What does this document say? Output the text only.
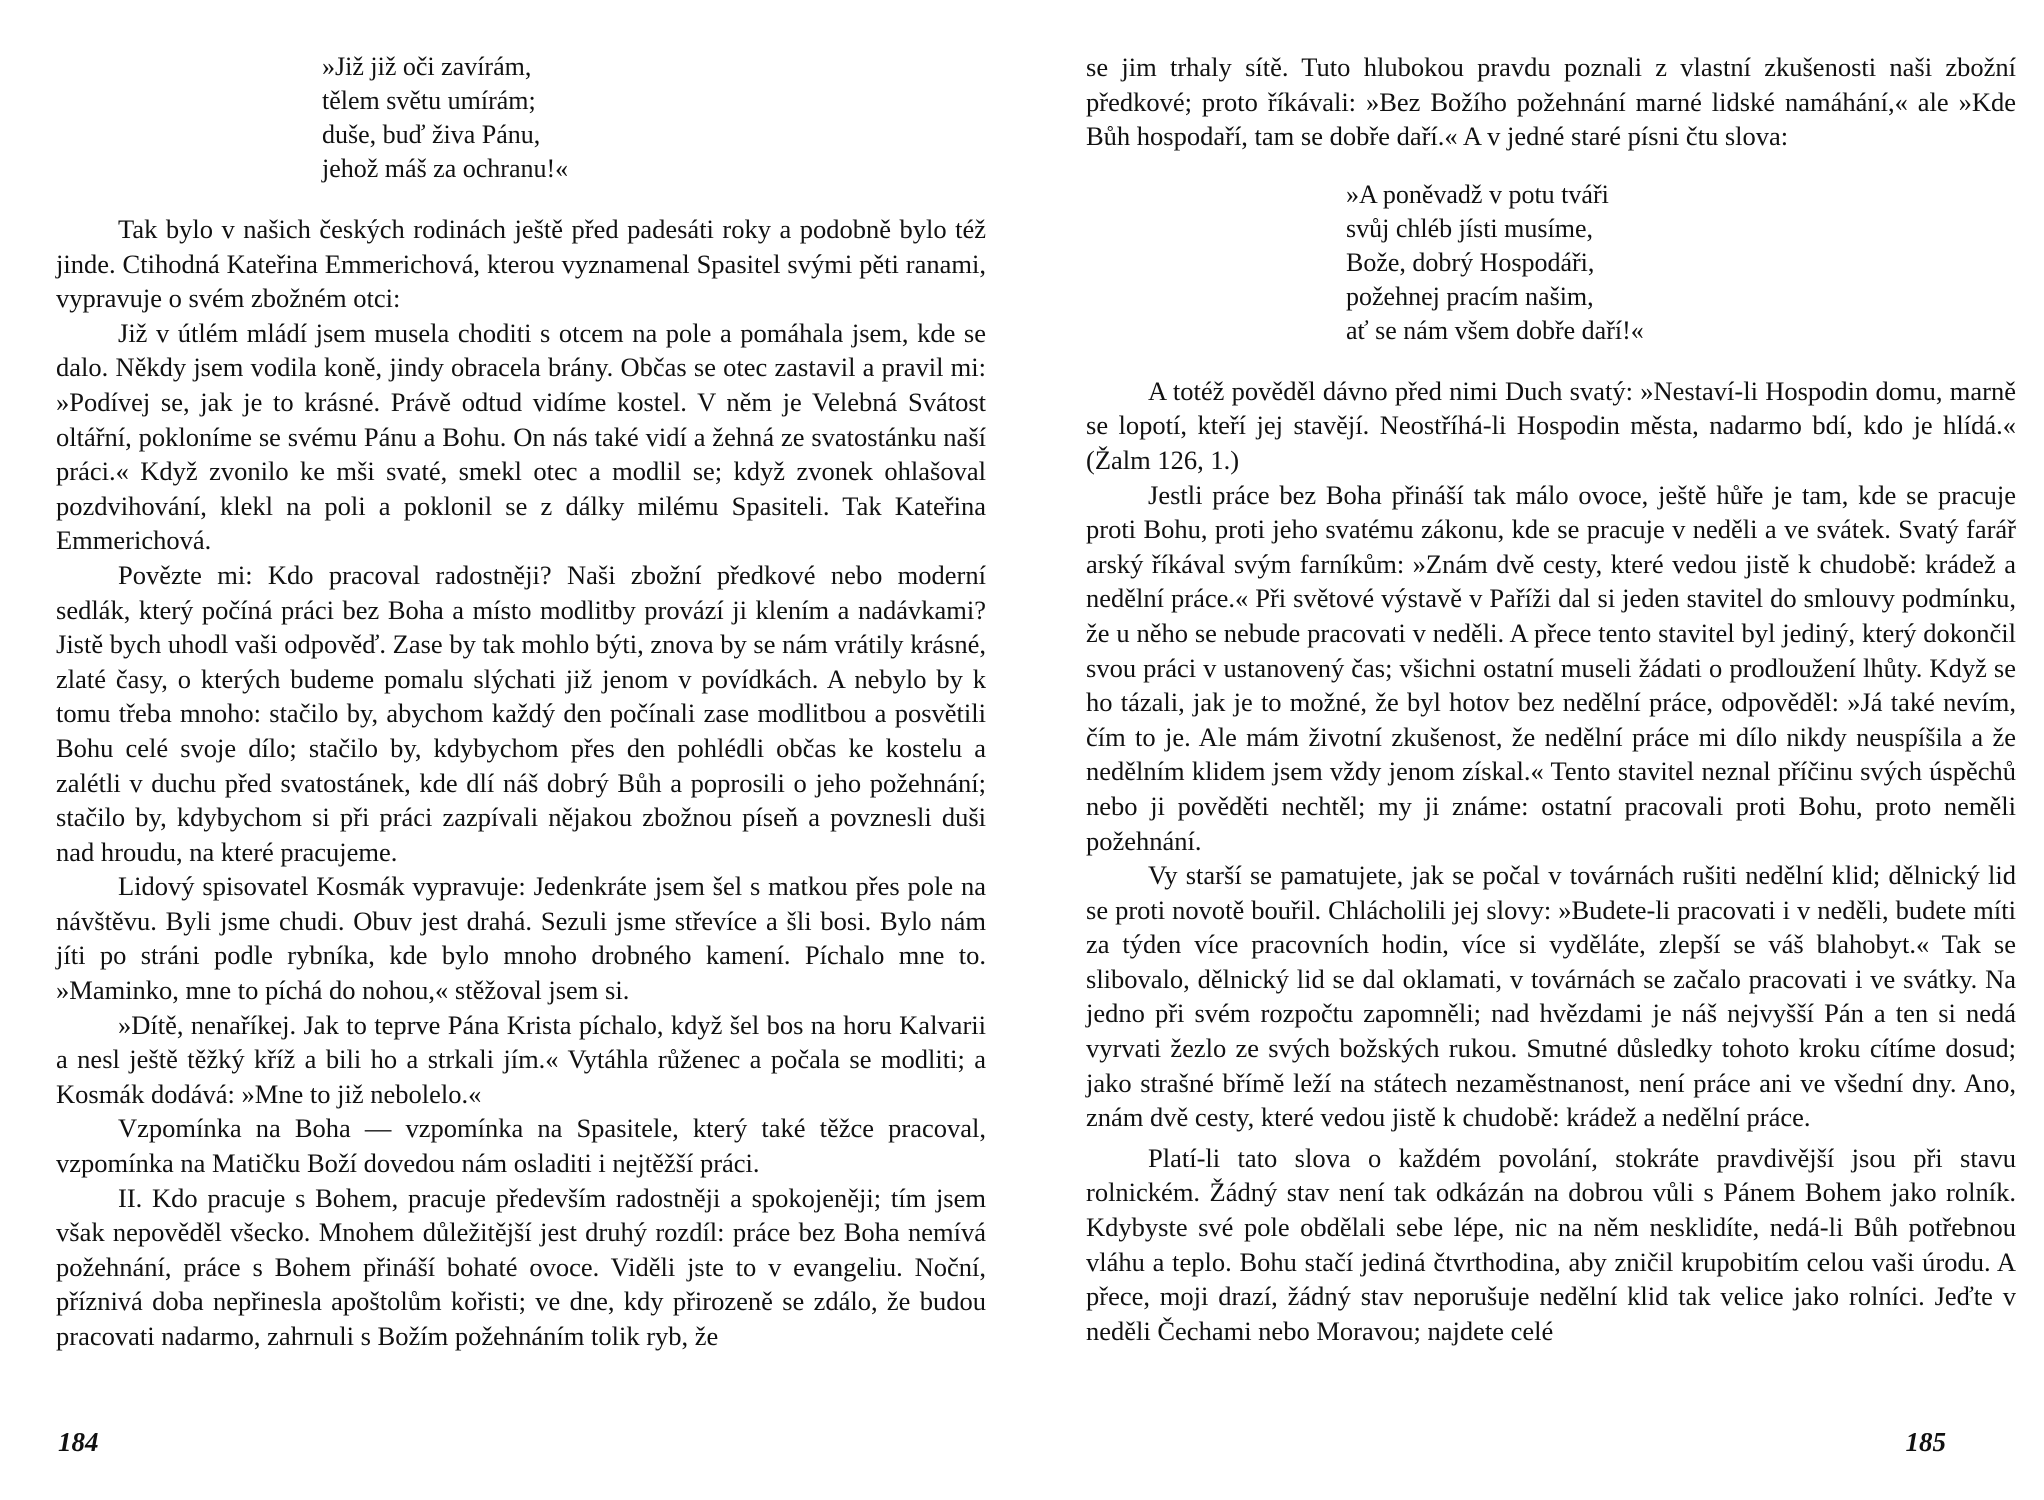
»Již již oči zavírám,
tělem světu umírám;
duše, buď živa Pánu,
jehož máš za ochranu!«

Tak bylo v našich českých rodinách ještě před padesáti roky a podobně bylo též jinde. Ctihodná Kateřina Emmerichová, kterou vyznamenal Spasitel svými pěti ranami, vypravuje o svém zbožném otci:

Již v útlém mládí jsem musela choditi s otcem na pole a pomáhala jsem, kde se dalo. Někdy jsem vodila koně, jindy obracela brány. Občas se otec zastavil a pravil mi: »Podívej se, jak je to krásné. Právě odtud vidíme kostel. V něm je Velebná Svátost oltářní, pokloníme se svému Pánu a Bohu. On nás také vidí a žehná ze svatostánku naší práci.« Když zvonilo ke mši svaté, smekl otec a modlil se; když zvonek ohlašoval pozdvihování, klekl na poli a poklonil se z dálky milému Spasiteli. Tak Kateřina Emmerichová.

Povězte mi: Kdo pracoval radostněji? Naši zbožní předkové nebo moderní sedlák, který počíná práci bez Boha a místo modlitby provází ji klením a nadávkami? Jistě bych uhodl vaši odpověď. Zase by tak mohlo býti, znova by se nám vrátily krásné, zlaté časy, o kterých budeme pomalu slýchati již jenom v povídkách. A nebylo by k tomu třeba mnoho: stačilo by, abychom každý den počínali zase modlitbou a posvětili Bohu celé svoje dílo; stačilo by, kdybychom přes den pohlédli občas ke kostelu a zalétli v duchu před svatostánek, kde dlí náš dobrý Bůh a poprosili o jeho požehnání; stačilo by, kdybychom si při práci zazpívali nějakou zbožnou píseň a povznesli duši nad hroudu, na které pracujeme.

Lidový spisovatel Kosmák vypravuje: Jedenkráte jsem šel s matkou přes pole na návštěvu. Byli jsme chudi. Obuv jest drahá. Sezuli jsme střevíce a šli bosi. Bylo nám jíti po stráni podle rybníka, kde bylo mnoho drobného kamení. Píchalo mne to. »Maminko, mne to píchá do nohou,« stěžoval jsem si.

»Dítě, nenaříkej. Jak to teprve Pána Krista píchalo, když šel bos na horu Kalvarii a nesl ještě těžký kříž a bili ho a strkali jím.« Vytáhla růženec a počala se modliti; a Kosmák dodává: »Mne to již nebolelo.«

Vzpomínka na Boha — vzpomínka na Spasitele, který také těžce pracoval, vzpomínka na Matičku Boží dovedou nám osladiti i nejtěžší práci.

II. Kdo pracuje s Bohem, pracuje především radostněji a spokojeněji; tím jsem však nepověděl všecko. Mnohem důležitější jest druhý rozdíl: práce bez Boha nemívá požehnání, práce s Bohem přináší bohaté ovoce. Viděli jste to v evangeliu. Noční, příznivá doba nepřinesla apoštolům kořisti; ve dne, kdy přirozeně se zdálo, že budou pracovati nadarmo, zahrnuli s Božím požehnáním tolik ryb, že

184

se jim trhaly sítě. Tuto hlubokou pravdu poznali z vlastní zkušenosti naši zbožní předkové; proto říkávali: »Bez Božího požehnání marné lidské namáhání,« ale »Kde Bůh hospodaří, tam se dobře daří.« A v jedné staré písni čtu slova:

»A poněvadž v potu tváři
svůj chléb jísti musíme,
Bože, dobrý Hospodáři,
požehnej pracím našim,
ať se nám všem dobře daří!«

A totéž pověděl dávno před nimi Duch svatý: »Nestaví-li Hospodin domu, marně se lopotí, kteří jej stavějí. Neostříhá-li Hospodin města, nadarmo bdí, kdo je hlídá.« (Žalm 126, 1.)

Jestli práce bez Boha přináší tak málo ovoce, ještě hůře je tam, kde se pracuje proti Bohu, proti jeho svatému zákonu, kde se pracuje v neděli a ve svátek. Svatý farář arský říkával svým farníkům: »Znám dvě cesty, které vedou jistě k chudobě: krádež a nedělní práce.« Při světové výstavě v Paříži dal si jeden stavitel do smlouvy podmínku, že u něho se nebude pracovati v neděli. A přece tento stavitel byl jediný, který dokončil svou práci v ustanovený čas; všichni ostatní museli žádati o prodloužení lhůty. Když se ho tázali, jak je to možné, že byl hotov bez nedělní práce, odpověděl: »Já také nevím, čím to je. Ale mám životní zkušenost, že nedělní práce mi dílo nikdy neuspíšila a že nedělním klidem jsem vždy jenom získal.« Tento stavitel neznal příčinu svých úspěchů nebo ji pověděti nechtěl; my ji známe: ostatní pracovali proti Bohu, proto neměli požehnání.

Vy starší se pamatujete, jak se počal v továrnách rušiti nedělní klid; dělnický lid se proti novotě bouřil. Chlácholili jej slovy: »Budete-li pracovati i v neděli, budete míti za týden více pracovních hodin, více si vyděláte, zlepší se váš blahobyt.« Tak se slibovalo, dělnický lid se dal oklamati, v továrnách se začalo pracovati i ve svátky. Na jedno při svém rozpočtu zapomněli; nad hvězdami je náš nejvyšší Pán a ten si nedá vyrvati žezlo ze svých božských rukou. Smutné důsledky tohoto kroku cítíme dosud; jako strašné břímě leží na státech nezaměstnanost, není práce ani ve všední dny. Ano, znám dvě cesty, které vedou jistě k chudobě: krádež a nedělní práce.

Platí-li tato slova o každém povolání, stokráte pravdivější jsou při stavu rolnickém. Žádný stav není tak odkázán na dobrou vůli s Pánem Bohem jako rolník. Kdybyste své pole obdělali sebe lépe, nic na něm nesklidíte, nedá-li Bůh potřebnou vláhu a teplo. Bohu stačí jediná čtvrthodina, aby zničil krupobitím celou vaši úrodu. A přece, moji drazí, žádný stav neporušuje nedělní klid tak velice jako rolníci. Jeďte v neděli Čechami nebo Moravou; najdete celé

185
